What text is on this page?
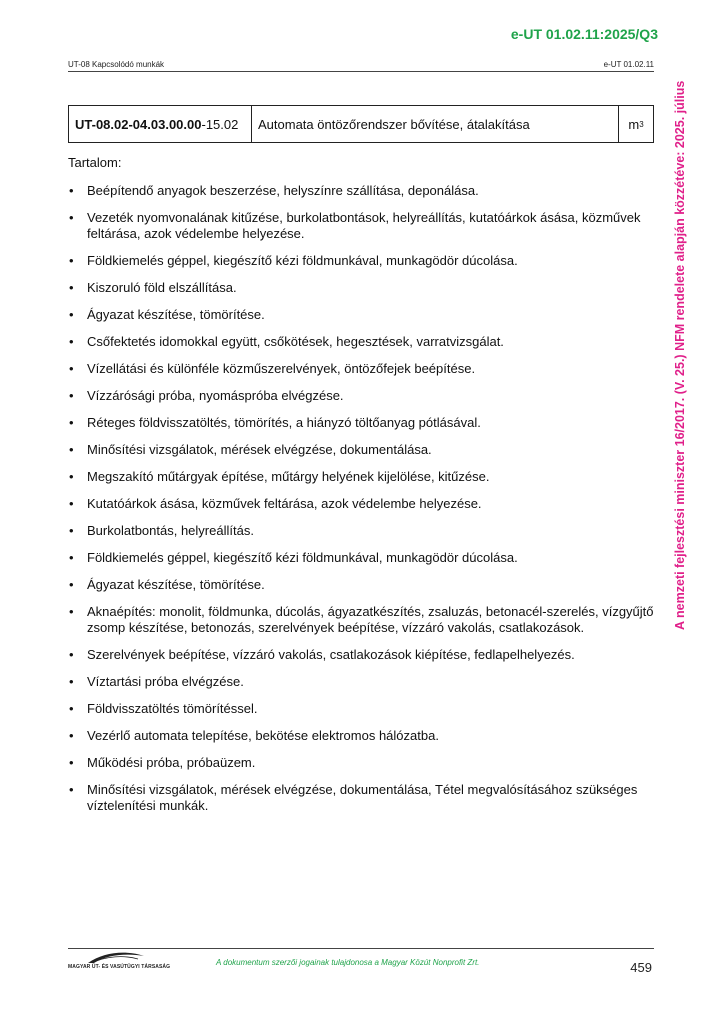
e-UT 01.02.11:2025/Q3
UT-08 Kapcsolódó munkák	e-UT 01.02.11
UT-08.02-04.03.00.00 -15.02	Automata öntözőrendszer bővítése, átalakítása	m 3
Tartalom:
• Beépítendő anyagok beszerzése, helyszínre szállítása, deponálása.
• Vezeték nyomvonalának kitűzése, burkolatbontások, helyreállítás, kutatóárkok ásása, közművek feltárása, azok védelembe helyezése.
• Földkiemelés géppel, kiegészítő kézi földmunkával, munkagödör dúcolása.
• Kiszoruló föld elszállítása.
• Ágyazat készítése, tömörítése.
• Csőfektetés idomokkal együtt, csőkötések, hegesztések, varratvizsgálat.
• Vízellátási és különféle közműszerelvények, öntözőfejek beépítése.
• Vízzárósági próba, nyomáspróba elvégzése.
• Réteges földvisszatöltés, tömörítés, a hiányzó töltőanyag pótlásával.
• Minősítési vizsgálatok, mérések elvégzése, dokumentálása.
• Megszakító műtárgyak építése, műtárgy helyének kijelölése, kitűzése.
• Kutatóárkok ásása, közművek feltárása, azok védelembe helyezése.
• Burkolatbontás, helyreállítás.
• Földkiemelés géppel, kiegészítő kézi földmunkával, munkagödör dúcolása.
• Ágyazat készítése, tömörítése.
• Aknaépítés: monolit, földmunka, dúcolás, ágyazatkészítés, zsaluzás, betonacél-szerelés, vízgyűjtő zsomp készítése, betonozás, szerelvények beépítése, vízzáró vakolás, csatlakozások.
• Szerelvények beépítése, vízzáró vakolás, csatlakozások kiépítése, fedlapelhelyezés.
• Víztartási próba elvégzése.
• Földvisszatöltés tömörítéssel.
• Vezérlő automata telepítése, bekötése elektromos hálózatba.
• Működési próba, próbaüzem.
• Minősítési vizsgálatok, mérések elvégzése, dokumentálása, Tétel megvalósításához szükséges víztelenítési munkák.
A nemzeti fejlesztési miniszter 16/2017. (V. 25.) NFM rendelete alapján közzétéve: 2025. július
MAGYAR ÚT- ÉS VASÚTÜGYI TÁRSASÁG	A dokumentum szerzői jogainak tulajdonosa a Magyar Közút Nonprofit Zrt.	459
